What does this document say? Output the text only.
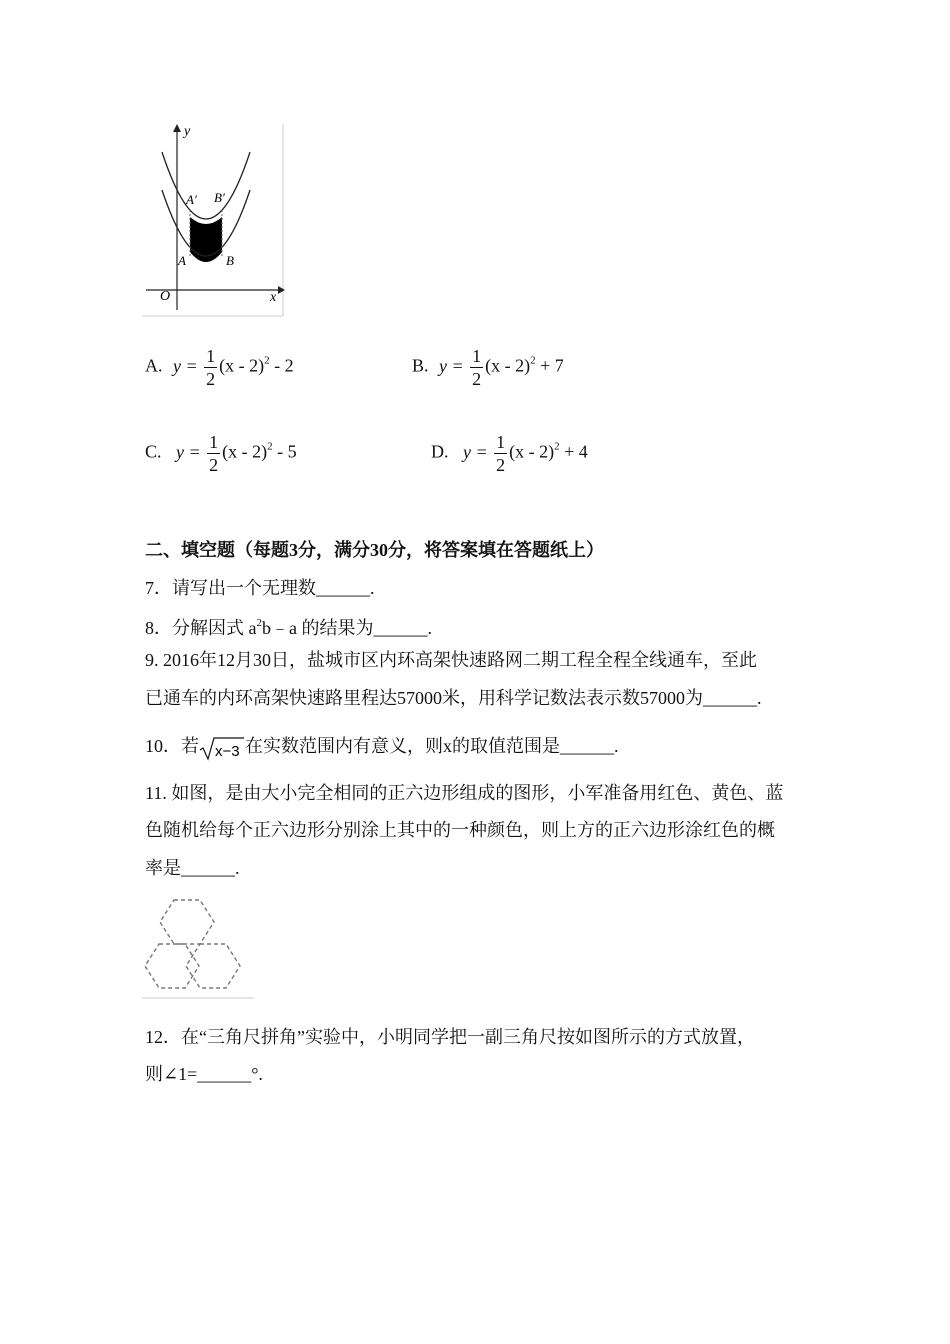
y
x
O
A′ B′
A	B
A. $y = \frac{1}{2} (x - 2)^2 - 2$	B. $y = \frac{1}{2} (x - 2)^2 + 7$
C. $y = \frac{1}{2} (x - 2)^2 - 5$	D. $y = \frac{1}{2} (x - 2)^2 + 4$
二、填空题（每题3分，满分30分，将答案填在答题纸上）
7．请写出一个无理数______.
8．分解因式 $a^2b﹣a$ 的结果为______.
9. 2016年12月30日，盐城市区内环高架快速路网二期工程全程全线通车，至此
已通车的内环高架快速路里程达57000米，用科学记数法表示数57000为______.
10．若 x−3 在实数范围内有意义，则x的取值范围是______.
11. 如图，是由大小完全相同的正六边形组成的图形，小军准备用红色、黄色、蓝
色随机给每个正六边形分别涂上其中的一种颜色，则上方的正六边形涂红色的概
率是______.
12．在“三角尺拼角”实验中，小明同学把一副三角尺按如图所示的方式放置，
则∠1=______°.
